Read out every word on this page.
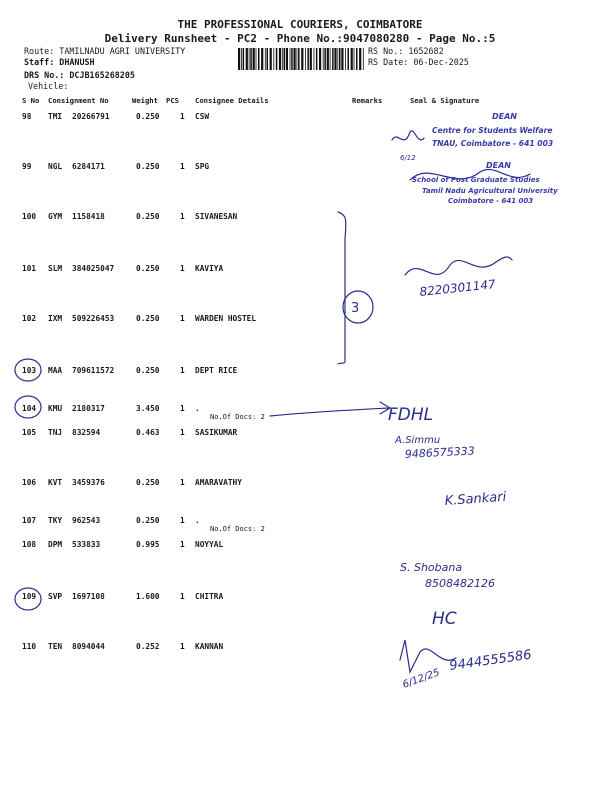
THE PROFESSIONAL COURIERS, COIMBATORE
Delivery Runsheet - PC2 - Phone No.:9047080280 - Page No.:5
Route: TAMILNADU AGRI UNIVERSITY
Staff: DHANUSH
DRS No.: DCJB165268205
Vehicle:
RS No.: 1652682
RS Date: 06-Dec-2025
S No Consignment No	Weight PCS Consignee Details	Remarks	Seal & Signature
98 TMI 20266791	0.250	1 CSW
99 NGL 6284171	0.250	1 SPG
100 GYM 1158418	0.250	1 SIVANESAN
101 SLM 384025047	0.250	1 KAVIYA
102 IXM 509226453	0.250	1 WARDEN HOSTEL
103 MAA 709611572	0.250	1 DEPT RICE
104 KMU 2180317	3.450	1 .
No.Of Docs: 2
105 TNJ 832594	0.463	1 SASIKUMAR
106 KVT 3459376	0.250	1 AMARAVATHY
107 TKY 962543	0.250	1 .
No.Of Docs: 2
108 DPM 533833	0.995	1 NOYYAL
109 SVP 1697108	1.600	1 CHITRA
110 TEN 8094044	0.252	1 KANNAN
DEAN
Centre for Students Welfare
TNAU, Coimbatore - 641 003
DEAN
School of Post Graduate Studies
Tamil Nadu Agricultural University
Coimbatore - 641 003
6/12
8220301147
3
FDHL
A.Simmu
9486575333
K.Sankari
S. Shobana
8508482126
HC
9444555586
6/12/25
